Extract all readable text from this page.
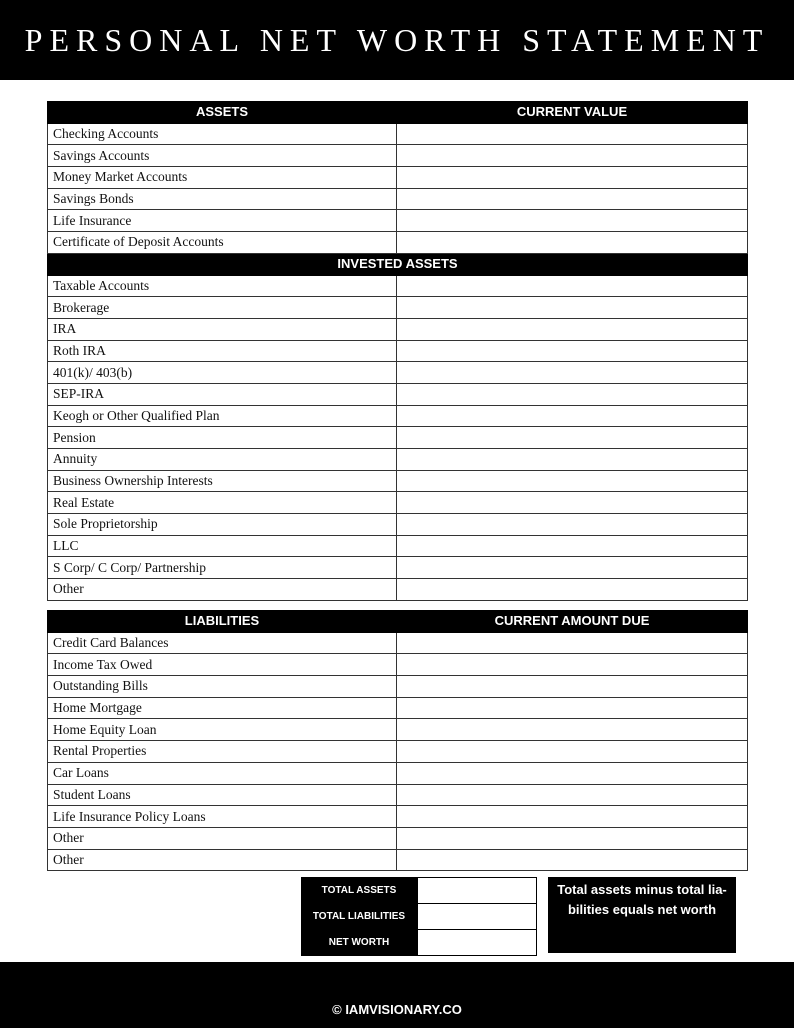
PERSONAL NET WORTH STATEMENT
ASSETS	CURRENT VALUE
Checking Accounts	
Savings Accounts	
Money Market Accounts	
Savings Bonds	
Life Insurance	
Certificate of Deposit Accounts	
INVESTED ASSETS	
Taxable Accounts	
Brokerage	
IRA	
Roth IRA	
401(k)/ 403(b)	
SEP-IRA	
Keogh or Other Qualified Plan	
Pension	
Annuity	
Business Ownership Interests	
Real Estate	
Sole Proprietorship	
LLC	
S Corp/ C Corp/ Partnership	
Other	
LIABILITIES	CURRENT AMOUNT DUE
Credit Card Balances	
Income Tax Owed	
Outstanding Bills	
Home Mortgage	
Home Equity Loan	
Rental Properties	
Car Loans	
Student Loans	
Life Insurance Policy Loans	
Other	
Other	
TOTAL ASSETS	
TOTAL LIABILITIES	
NET WORTH	
Total assets minus total lia-bilities equals net worth
© IAMVISIONARY.CO
